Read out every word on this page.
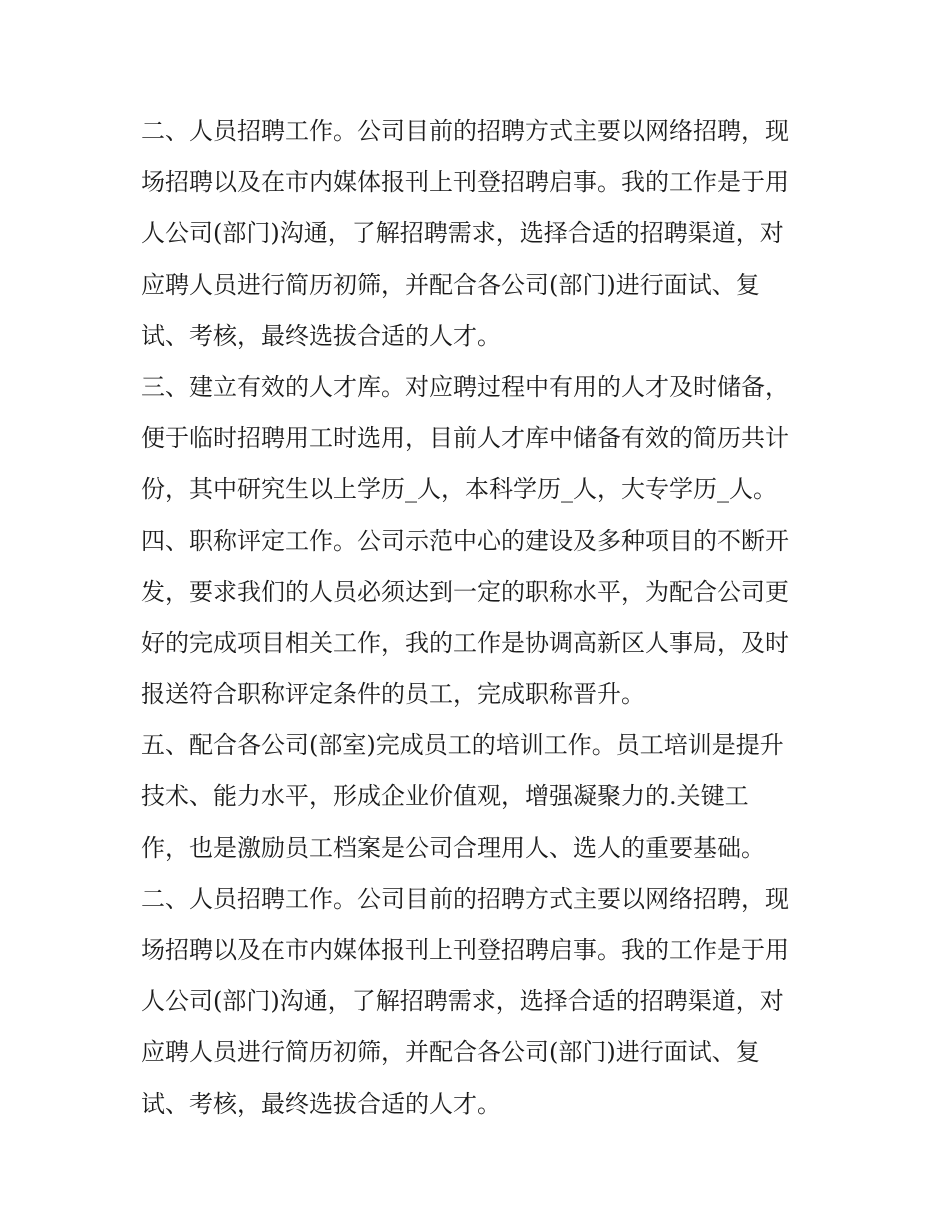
二、人员招聘工作。公司目前的招聘方式主要以网络招聘，现
场招聘以及在市内媒体报刊上刊登招聘启事。我的工作是于用
人公司(部门)沟通，了解招聘需求，选择合适的招聘渠道，对
应聘人员进行简历初筛，并配合各公司(部门)进行面试、复
试、考核，最终选拔合适的人才。
三、建立有效的人才库。对应聘过程中有用的人才及时储备，
便于临时招聘用工时选用，目前人才库中储备有效的简历共计
份，其中研究生以上学历_人，本科学历_人，大专学历_人。
四、职称评定工作。公司示范中心的建设及多种项目的不断开
发，要求我们的人员必须达到一定的职称水平，为配合公司更
好的完成项目相关工作，我的工作是协调高新区人事局，及时
报送符合职称评定条件的员工，完成职称晋升。
五、配合各公司(部室)完成员工的培训工作。员工培训是提升
技术、能力水平，形成企业价值观，增强凝聚力的.关键工
作，也是激励员工档案是公司合理用人、选人的重要基础。
二、人员招聘工作。公司目前的招聘方式主要以网络招聘，现
场招聘以及在市内媒体报刊上刊登招聘启事。我的工作是于用
人公司(部门)沟通，了解招聘需求，选择合适的招聘渠道，对
应聘人员进行简历初筛，并配合各公司(部门)进行面试、复
试、考核，最终选拔合适的人才。
